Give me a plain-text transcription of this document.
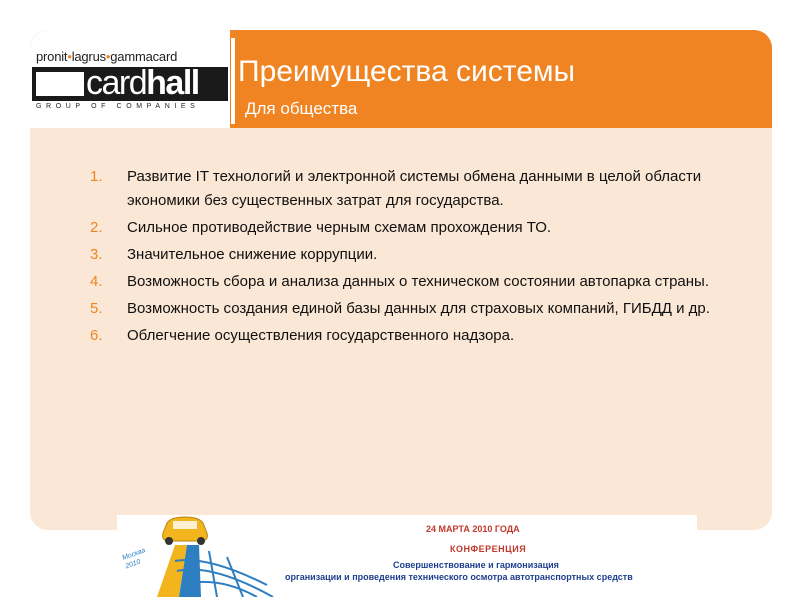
pronit•lagrus•gammacard
cardhall
GROUP OF COMPANIES
Преимущества системы
Для общества
1. Развитие IT технологий и электронной системы обмена данными в целой области экономики без существенных затрат для государства.
2. Сильное противодействие черным схемам прохождения ТО.
3. Значительное снижение коррупции.
4. Возможность сбора и анализа данных о техническом состоянии автопарка страны.
5. Возможность создания единой базы данных для страховых компаний, ГИБДД и др.
6. Облегчение осуществления государственного надзора.
Москва 2010
24 МАРТА 2010 ГОДА
КОНФЕРЕНЦИЯ
Совершенствование и гармонизация
организации и проведения технического осмотра автотранспортных средств
